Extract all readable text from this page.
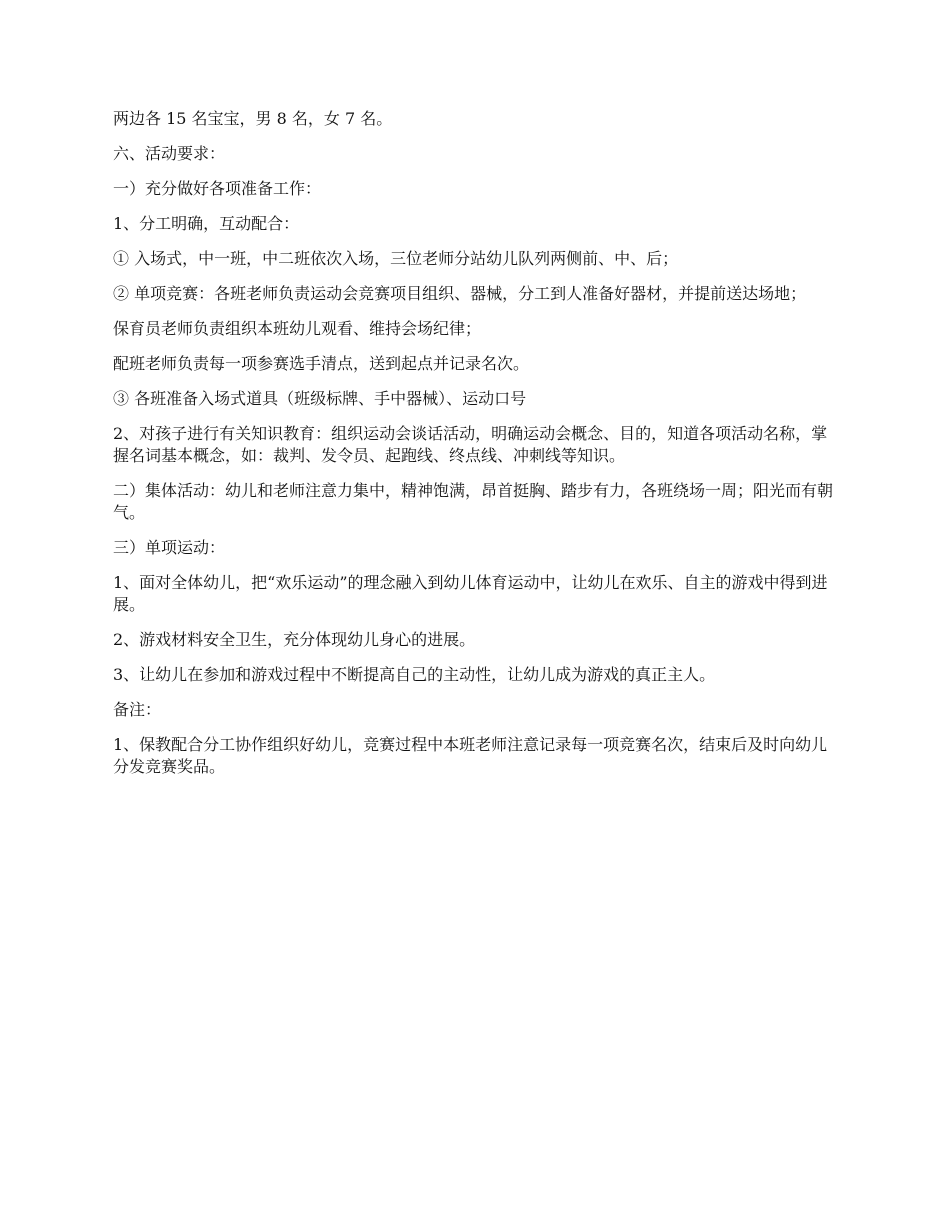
两边各 15 名宝宝，男 8 名，女 7 名。

六、活动要求：

一）充分做好各项准备工作：

1、分工明确，互动配合：

① 入场式，中一班，中二班依次入场，三位老师分站幼儿队列两侧前、中、后；

② 单项竞赛：各班老师负责运动会竞赛项目组织、器械，分工到人准备好器材，并提前送达场地；

保育员老师负责组织本班幼儿观看、维持会场纪律；

配班老师负责每一项参赛选手清点，送到起点并记录名次。

③ 各班准备入场式道具（班级标牌、手中器械）、运动口号

2、对孩子进行有关知识教育：组织运动会谈话活动，明确运动会概念、目的，知道各项活动名称，掌握名词基本概念，如：裁判、发令员、起跑线、终点线、冲刺线等知识。

二）集体活动：幼儿和老师注意力集中，精神饱满，昂首挺胸、踏步有力，各班绕场一周；阳光而有朝气。

三）单项运动：

1、面对全体幼儿，把“欢乐运动”的理念融入到幼儿体育运动中，让幼儿在欢乐、自主的游戏中得到进展。

2、游戏材料安全卫生，充分体现幼儿身心的进展。

3、让幼儿在参加和游戏过程中不断提高自己的主动性，让幼儿成为游戏的真正主人。

备注：

1、保教配合分工协作组织好幼儿，竞赛过程中本班老师注意记录每一项竞赛名次，结束后及时向幼儿分发竞赛奖品。
